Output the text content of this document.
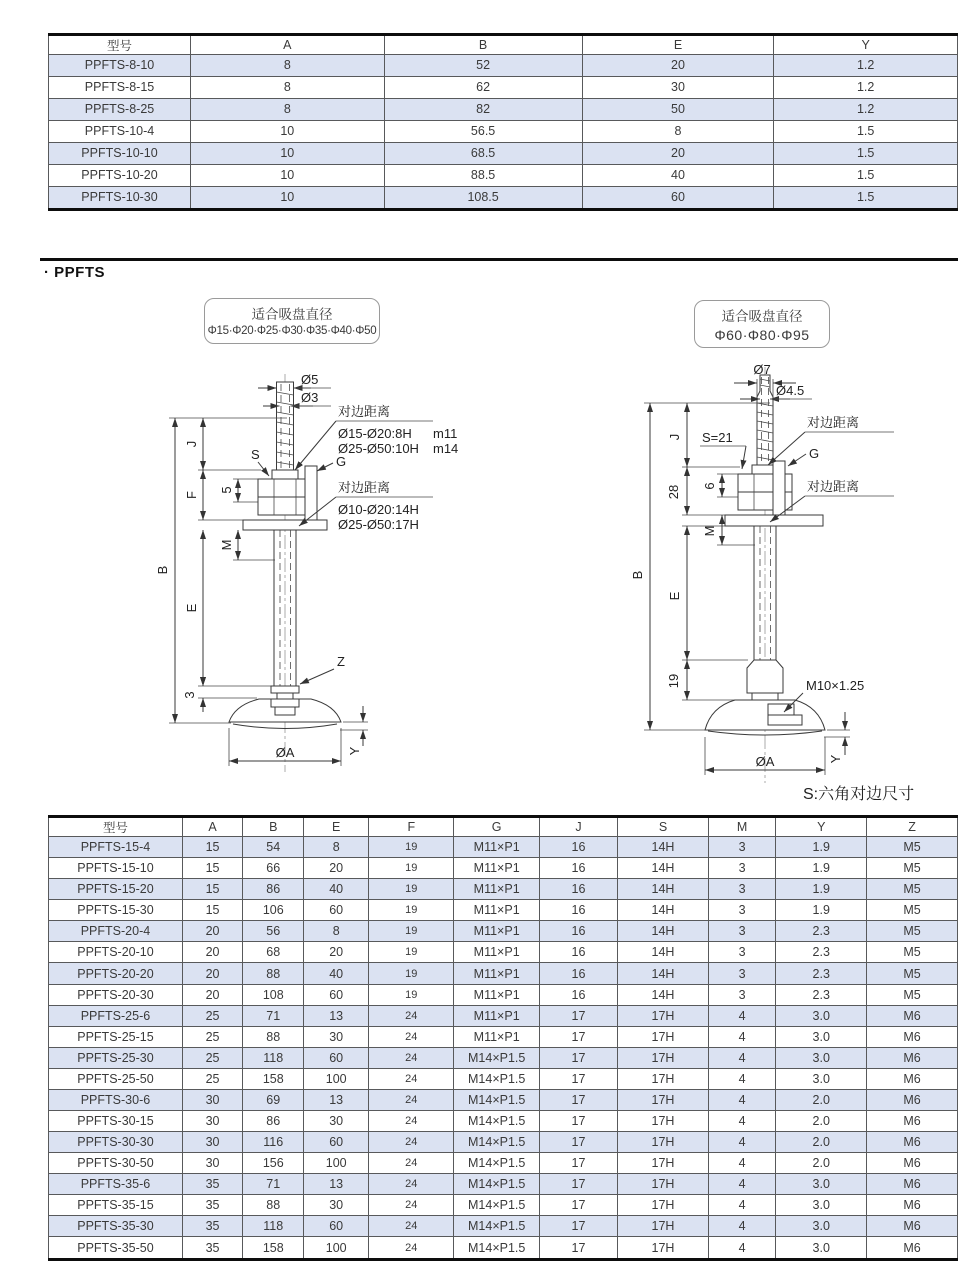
型号	A	B	E	Y
PPFTS-8-10	8	52	20	1.2
PPFTS-8-15	8	62	30	1.2
PPFTS-8-25	8	82	50	1.2
PPFTS-10-4	10	56.5	8	1.5
PPFTS-10-10	10	68.5	20	1.5
PPFTS-10-20	10	88.5	40	1.5
PPFTS-10-30	10	108.5	60	1.5
· PPFTS
适合吸盘直径
Φ15·Φ20·Φ25·Φ30·Φ35·Φ40·Φ50
适合吸盘直径
Φ60·Φ80·Φ95
Ø5
Ø3
B
J
F
5
M
E
3
Y
ØA
对边距离
Ø15-Ø20:8H
Ø25-Ø50:10H
m11
m14
G
对边距离
Ø10-Ø20:14H
Ø25-Ø50:17H
S
Z
Ø7
Ø4.5
B
J
28 6
M
E
19
S=21
M10×1.25
Y
ØA
对边距离
G
对边距离
S:六角对边尺寸
型号	A	B	E	F	G	J	S	M	Y	Z
PPFTS-15-4	15	54	8	19	M11×P1	16	14H	3	1.9	M5
PPFTS-15-10	15	66	20	19	M11×P1	16	14H	3	1.9	M5
PPFTS-15-20	15	86	40	19	M11×P1	16	14H	3	1.9	M5
PPFTS-15-30	15	106	60	19	M11×P1	16	14H	3	1.9	M5
PPFTS-20-4	20	56	8	19	M11×P1	16	14H	3	2.3	M5
PPFTS-20-10	20	68	20	19	M11×P1	16	14H	3	2.3	M5
PPFTS-20-20	20	88	40	19	M11×P1	16	14H	3	2.3	M5
PPFTS-20-30	20	108	60	19	M11×P1	16	14H	3	2.3	M5
PPFTS-25-6	25	71	13	24	M11×P1	17	17H	4	3.0	M6
PPFTS-25-15	25	88	30	24	M11×P1	17	17H	4	3.0	M6
PPFTS-25-30	25	118	60	24	M14×P1.5	17	17H	4	3.0	M6
PPFTS-25-50	25	158	100	24	M14×P1.5	17	17H	4	3.0	M6
PPFTS-30-6	30	69	13	24	M14×P1.5	17	17H	4	2.0	M6
PPFTS-30-15	30	86	30	24	M14×P1.5	17	17H	4	2.0	M6
PPFTS-30-30	30	116	60	24	M14×P1.5	17	17H	4	2.0	M6
PPFTS-30-50	30	156	100	24	M14×P1.5	17	17H	4	2.0	M6
PPFTS-35-6	35	71	13	24	M14×P1.5	17	17H	4	3.0	M6
PPFTS-35-15	35	88	30	24	M14×P1.5	17	17H	4	3.0	M6
PPFTS-35-30	35	118	60	24	M14×P1.5	17	17H	4	3.0	M6
PPFTS-35-50	35	158	100	24	M14×P1.5	17	17H	4	3.0	M6
